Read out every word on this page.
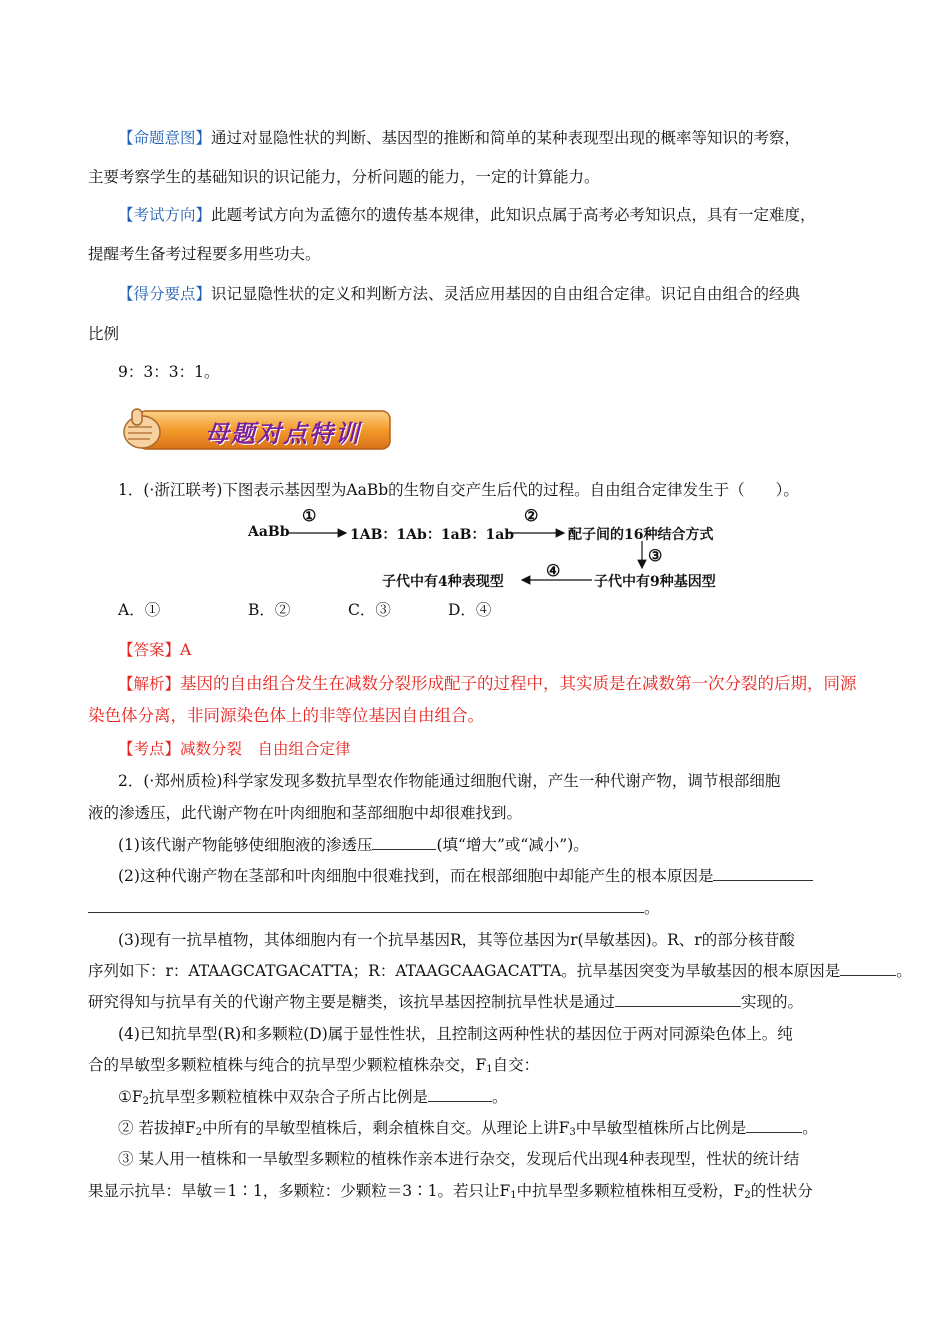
【命题意图】通过对显隐性状的判断、基因型的推断和简单的某种表现型出现的概率等知识的考察，
主要考察学生的基础知识的识记能力，分析问题的能力，一定的计算能力。
【考试方向】此题考试方向为孟德尔的遗传基本规律，此知识点属于高考必考知识点，具有一定难度，
提醒考生备考过程要多用些功夫。
【得分要点】识记显隐性状的定义和判断方法、灵活应用基因的自由组合定律。识记自由组合的经典
比例
9：3：3：1。
母题对点特训
1．(·浙江联考)下图表示基因型为AaBb的生物自交产生后代的过程。自由组合定律发生于（　　）。
AaBb
①
1AB：1Ab：1aB：1ab
②
配子间的16种结合方式
③
子代中有9种基因型
④
子代中有4种表现型
A．①	B．②	C．③	D．④
【答案】A
【解析】基因的自由组合发生在减数分裂形成配子的过程中，其实质是在减数第一次分裂的后期，同源
染色体分离，非同源染色体上的非等位基因自由组合。
【考点】减数分裂　自由组合定律
2．(·郑州质检)科学家发现多数抗旱型农作物能通过细胞代谢，产生一种代谢产物，调节根部细胞
液的渗透压，此代谢产物在叶肉细胞和茎部细胞中却很难找到。
(1)该代谢产物能够使细胞液的渗透压	(填“增大”或“减小”)。
(2)这种代谢产物在茎部和叶肉细胞中很难找到，而在根部细胞中却能产生的根本原因是
。
(3)现有一抗旱植物，其体细胞内有一个抗旱基因R，其等位基因为r(旱敏基因)。R、r的部分核苷酸
序列如下：r：ATAAGCATGACATTA；R：ATAAGCAAGACATTA。抗旱基因突变为旱敏基因的根本原因是	。
研究得知与抗旱有关的代谢产物主要是糖类，该抗旱基因控制抗旱性状是通过	实现的。
(4)已知抗旱型(R)和多颗粒(D)属于显性性状，且控制这两种性状的基因位于两对同源染色体上。纯
合的旱敏型多颗粒植株与纯合的抗旱型少颗粒植株杂交，$F_1$自交：
$①F_2$抗旱型多颗粒植株中双杂合子所占比例是	。
② 若拔掉$F_2$中所有的旱敏型植株后，剩余植株自交。从理论上讲$F_3$中旱敏型植株所占比例是	。
③ 某人用一植株和一旱敏型多颗粒的植株作亲本进行杂交，发现后代出现4种表现型，性状的统计结
果显示抗旱：旱敏＝1∶1，多颗粒：少颗粒＝3∶1。若只让$F_1$中抗旱型多颗粒植株相互受粉，$F_2$的性状分
